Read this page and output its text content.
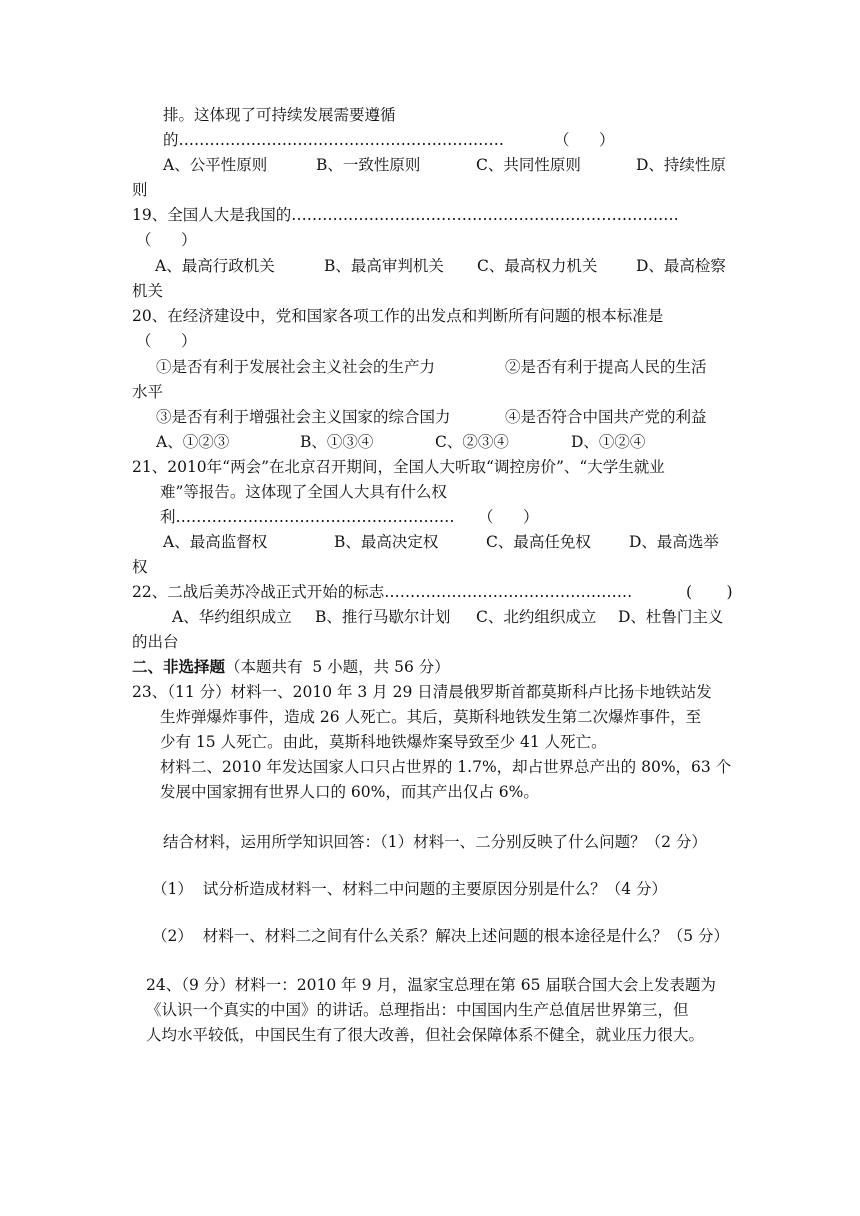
排。这体现了可持续发展需要遵循
的………………………………………………………	（      ）
A、公平性原则	B、一致性原则	C、共同性原则	D、持续性原
则
19、全国人大是我国的…………………………………………………………………
（      ）
A、最高行政机关	B、最高审判机关 C、最高权力机关 D、最高检察
机关
20、在经济建设中，党和国家各项工作的出发点和判断所有问题的根本标准是
（      ）
①是否有利于发展社会主义社会的生产力	②是否有利于提高人民的生活
水平
③是否有利于增强社会主义国家的综合国力	④是否符合中国共产党的利益
A、①②③	B、①③④	C、②③④	D、①②④
21、2010年“两会”在北京召开期间，全国人大听取“调控房价”、“大学生就业
难”等报告。这体现了全国人大具有什么权
利……………………………………………… （      ）
A、最高监督权	B、最高决定权	C、最高任免权 D、最高选举
权
22、二战后美苏冷战正式开始的标志…………………………………………	(       )
A、华约组织成立 B、推行马歇尔计划 C、北约组织成立 D、杜鲁门主义
的出台
二、非选择题（本题共有  5 小题，共 56 分）
23、（11 分）材料一、2010 年 3 月 29 日清晨俄罗斯首都莫斯科卢比扬卡地铁站发
生炸弹爆炸事件，造成 26 人死亡。其后，莫斯科地铁发生第二次爆炸事件，至
少有 15 人死亡。由此，莫斯科地铁爆炸案导致至少 41 人死亡。
材料二、2010 年发达国家人口只占世界的 1.7%，却占世界总产出的 80%，63 个
发展中国家拥有世界人口的 60%，而其产出仅占 6%。
结合材料，运用所学知识回答：（1）材料一、二分别反映了什么问题？（2 分）
（1）  试分析造成材料一、材料二中问题的主要原因分别是什么？（4 分）
（2）  材料一、材料二之间有什么关系？解决上述问题的根本途径是什么？（5 分）
24、（9 分）材料一：2010 年 9 月，温家宝总理在第 65 届联合国大会上发表题为
《认识一个真实的中国》的讲话。总理指出：中国国内生产总值居世界第三，但
人均水平较低，中国民生有了很大改善，但社会保障体系不健全，就业压力很大。
